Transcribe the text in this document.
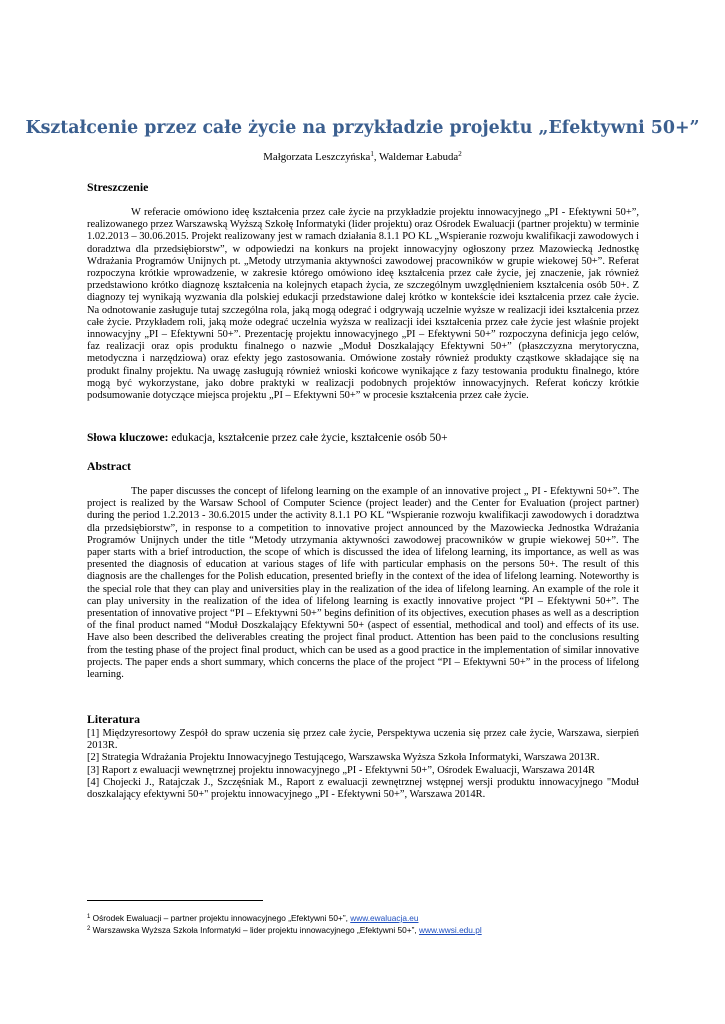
Kształcenie przez całe życie na przykładzie projektu „Efektywni 50+”
Małgorzata Leszczyńska$^1$, Waldemar Łabuda$^2$
Streszczenie
W referacie omówiono ideę kształcenia przez całe życie na przykładzie projektu innowacyjnego „PI - Efektywni 50+”, realizowanego przez Warszawską Wyższą Szkołę Informatyki (lider projektu) oraz Ośrodek Ewaluacji (partner projektu) w terminie 1.02.2013 – 30.06.2015. Projekt realizowany jest w ramach działania 8.1.1 PO KL „Wspieranie rozwoju kwalifikacji zawodowych i doradztwa dla przedsiębiorstw”, w odpowiedzi na konkurs na projekt innowacyjny ogłoszony przez Mazowiecką Jednostkę Wdrażania Programów Unijnych pt. „Metody utrzymania aktywności zawodowej pracowników w grupie wiekowej 50+”. Referat rozpoczyna krótkie wprowadzenie, w zakresie którego omówiono ideę kształcenia przez całe życie, jej znaczenie, jak również przedstawiono krótko diagnozę kształcenia na kolejnych etapach życia, ze szczególnym uwzględnieniem kształcenia osób 50+. Z diagnozy tej wynikają wyzwania dla polskiej edukacji przedstawione dalej krótko w kontekście idei kształcenia przez całe życie. Na odnotowanie zasługuje tutaj szczególna rola, jaką mogą odegrać i odgrywają uczelnie wyższe w realizacji idei kształcenia przez całe życie. Przykładem roli, jaką może odegrać uczelnia wyższa w realizacji idei kształcenia przez całe życie jest właśnie projekt innowacyjny „PI – Efektywni 50+”. Prezentację projektu innowacyjnego „PI – Efektywni 50+” rozpoczyna definicja jego celów, faz realizacji oraz opis produktu finalnego o nazwie „Moduł Doszkalający Efektywni 50+” (płaszczyzna merytoryczna, metodyczna i narzędziowa) oraz efekty jego zastosowania. Omówione zostały również produkty cząstkowe składające się na produkt finalny projektu. Na uwagę zasługują również wnioski końcowe wynikające z fazy testowania produktu finalnego, które mogą być wykorzystane, jako dobre praktyki w realizacji podobnych projektów innowacyjnych. Referat kończy krótkie podsumowanie dotyczące miejsca projektu „PI – Efektywni 50+” w procesie kształcenia przez całe życie.
Słowa kluczowe: edukacja, kształcenie przez całe życie, kształcenie osób 50+
Abstract
The paper discusses the concept of lifelong learning on the example of an innovative project „ PI - Efektywni 50+”. The project is realized by the Warsaw School of Computer Science (project leader) and the Center for Evaluation (project partner) during the period 1.2.2013 - 30.6.2015 under the activity 8.1.1 PO KL “Wspieranie rozwoju kwalifikacji zawodowych i doradztwa dla przedsiębiorstw”, in response to a competition to innovative project announced by the Mazowiecka Jednostka Wdrażania Programów Unijnych under the title “Metody utrzymania aktywności zawodowej pracowników w grupie wiekowej 50+”. The paper starts with a brief introduction, the scope of which is discussed the idea of lifelong learning, its importance, as well as was presented the diagnosis of education at various stages of life with particular emphasis on the persons 50+. The result of this diagnosis are the challenges for the Polish education, presented briefly in the context of the idea of lifelong learning. Noteworthy is the special role that they can play and universities play in the realization of the idea of lifelong learning. An example of the role it can play university in the realization of the idea of lifelong learning is exactly innovative project “PI – Efektywni 50+”. The presentation of innovative project “PI – Efektywni 50+” begins definition of its objectives, execution phases as well as a description of the final product named “Moduł Doszkalający Efektywni 50+ (aspect of essential, methodical and tool) and effects of its use. Have also been described the deliverables creating the project final product. Attention has been paid to the conclusions resulting from the testing phase of the project final product, which can be used as a good practice in the implementation of similar innovative projects. The paper ends a short summary, which concerns the place of the project “PI – Efektywni 50+” in the process of lifelong learning.
Literatura
[1] Międzyresortowy Zespół do spraw uczenia się przez całe życie, Perspektywa uczenia się przez całe życie, Warszawa, sierpień 2013R.
[2] Strategia Wdrażania Projektu Innowacyjnego Testującego, Warszawska Wyższa Szkoła Informatyki, Warszawa 2013R.
[3] Raport z ewaluacji wewnętrznej projektu innowacyjnego „PI - Efektywni 50+”, Ośrodek Ewaluacji, Warszawa 2014R
[4] Chojecki J., Ratajczak J., Szczęśniak M., Raport z ewaluacji zewnętrznej wstępnej wersji produktu innowacyjnego "Moduł doszkalający efektywni 50+" projektu innowacyjnego „PI - Efektywni 50+”, Warszawa 2014R.
$^1$ Ośrodek Ewaluacji – partner projektu innowacyjnego „Efektywni 50+”, www.ewaluacja.eu
$^2$ Warszawska Wyższa Szkoła Informatyki – lider projektu innowacyjnego „Efektywni 50+”, www.wwsi.edu.pl
